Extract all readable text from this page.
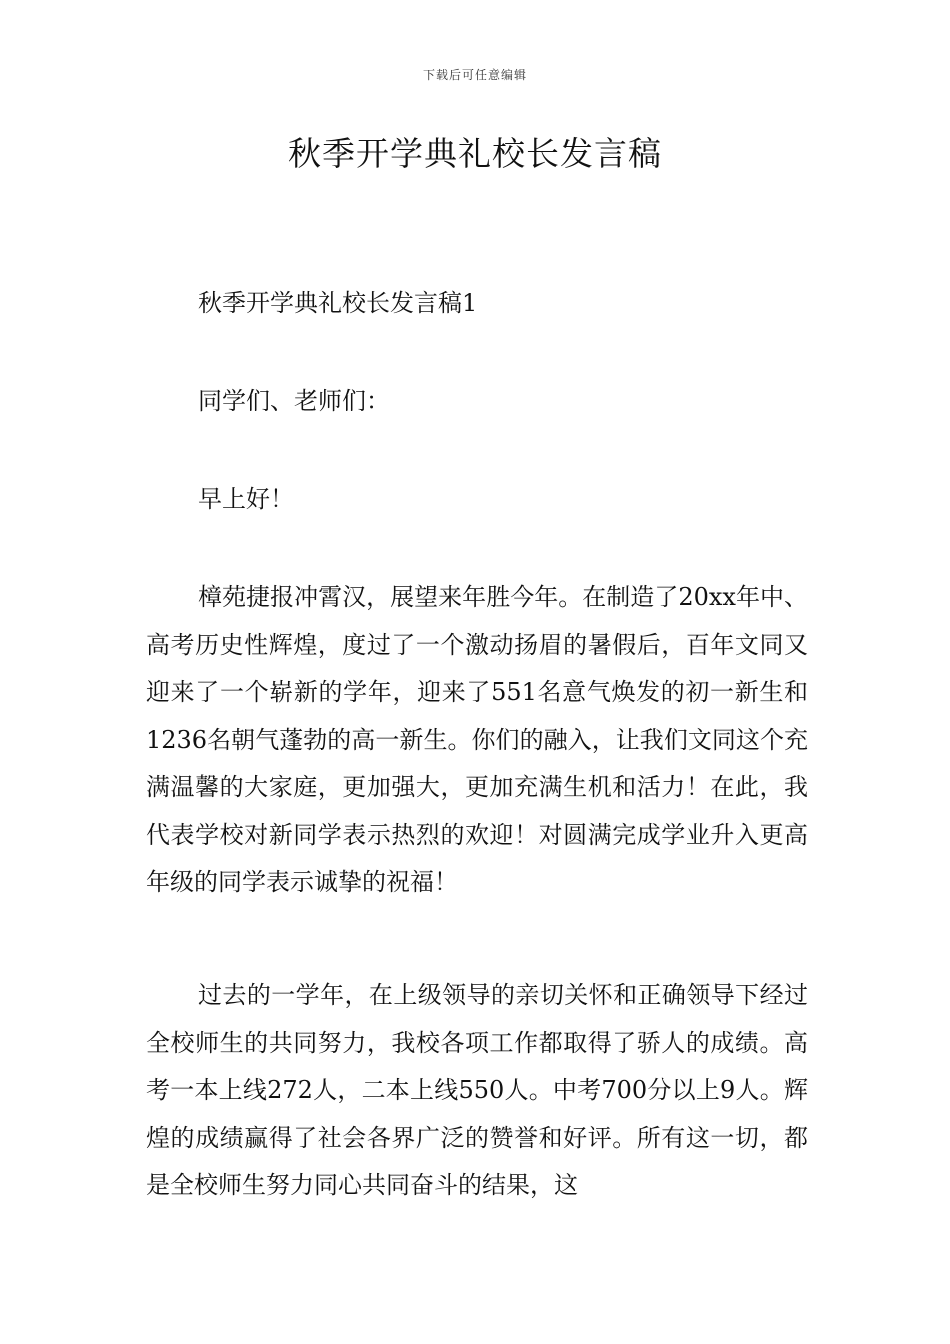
下载后可任意编辑
秋季开学典礼校长发言稿

秋季开学典礼校长发言稿1

同学们、老师们：

早上好！

樟苑捷报冲霄汉，展望来年胜今年。在制造了20xx年中、高考历史性辉煌，度过了一个激动扬眉的暑假后，百年文同又迎来了一个崭新的学年，迎来了551名意气焕发的初一新生和1236名朝气蓬勃的高一新生。你们的融入，让我们文同这个充满温馨的大家庭，更加强大，更加充满生机和活力！在此，我代表学校对新同学表示热烈的欢迎！对圆满完成学业升入更高年级的同学表示诚挚的祝福！

过去的一学年，在上级领导的亲切关怀和正确领导下经过全校师生的共同努力，我校各项工作都取得了骄人的成绩。高考一本上线272人，二本上线550人。中考700分以上9人。辉煌的成绩赢得了社会各界广泛的赞誉和好评。所有这一切，都是全校师生努力同心共同奋斗的结果，这
